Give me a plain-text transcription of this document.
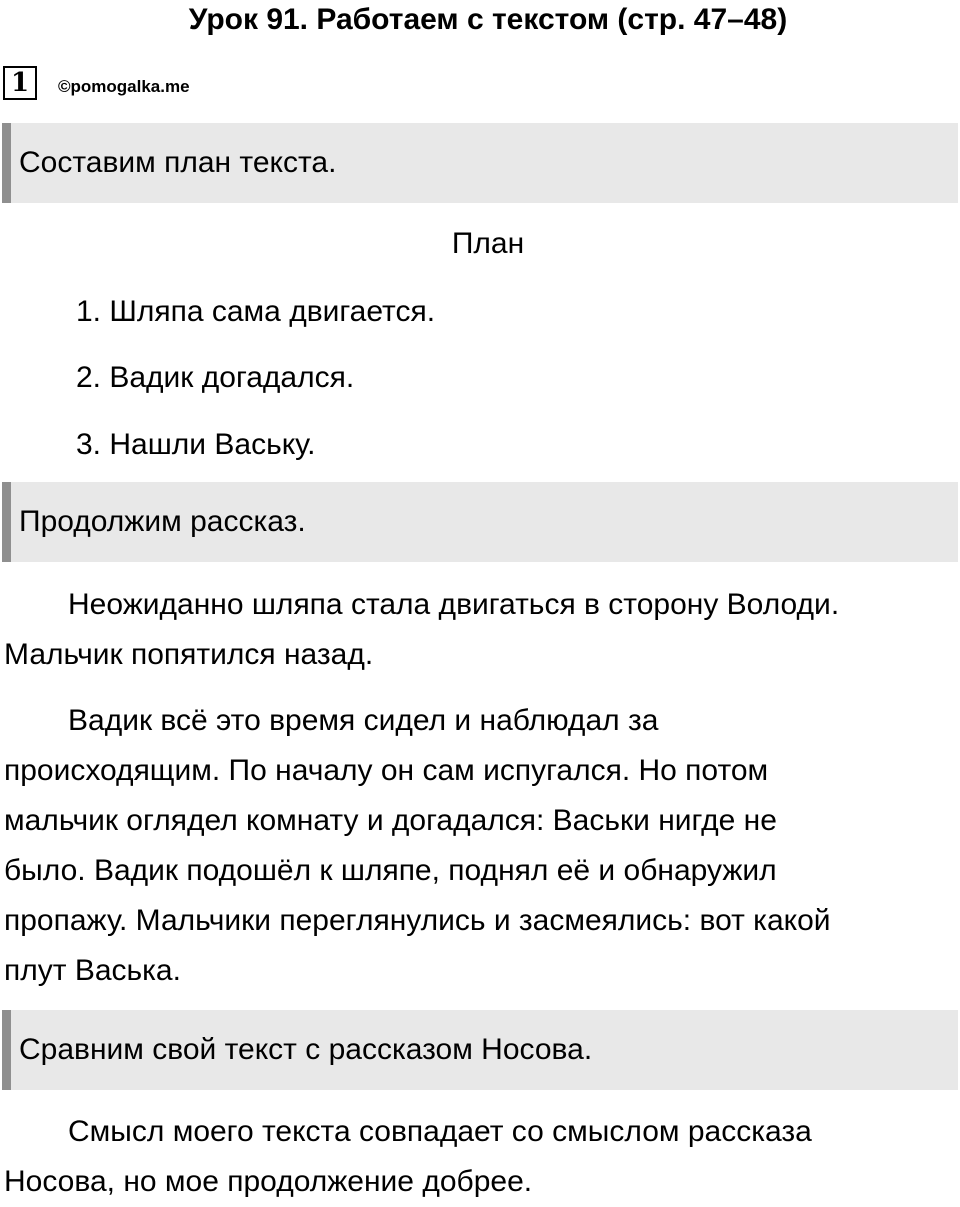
Урок 91. Работаем с текстом (стр. 47–48)
1	©pomogalka.me
Составим план текста.
План
1. Шляпа сама двигается.
2. Вадик догадался.
3. Нашли Ваську.
Продолжим рассказ.

Неожиданно шляпа стала двигаться в сторону Володи.
Мальчик попятился назад.

Вадик всё это время сидел и наблюдал за
происходящим. По началу он сам испугался. Но потом
мальчик оглядел комнату и догадался: Васьки нигде не
было. Вадик подошёл к шляпе, поднял её и обнаружил
пропажу. Мальчики переглянулись и засмеялись: вот какой
плут Васька.

Сравним свой текст с рассказом Носова.

Смысл моего текста совпадает со смыслом рассказа
Носова, но мое продолжение добрее.
